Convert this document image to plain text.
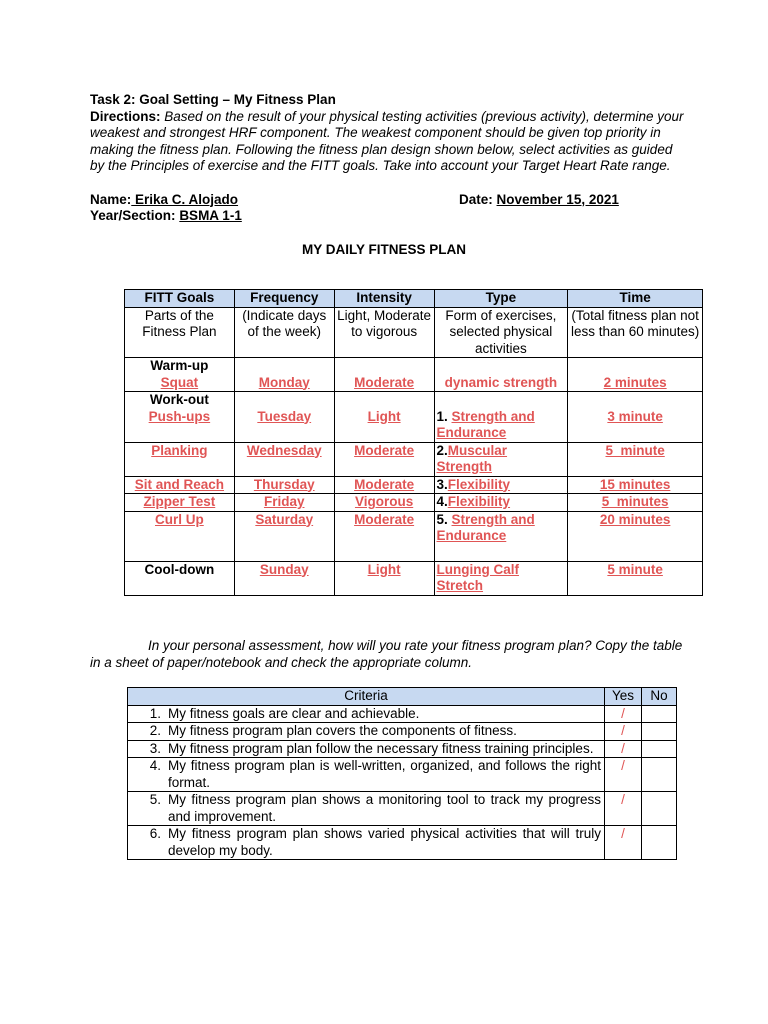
Task 2: Goal Setting – My Fitness Plan
Directions: Based on the result of your physical testing activities (previous activity), determine your weakest and strongest HRF component. The weakest component should be given top priority in making the fitness plan. Following the fitness plan design shown below, select activities as guided by the Principles of exercise and the FITT goals. Take into account your Target Heart Rate range.
Name: Erika C. Alojado	Date: November 15, 2021
Year/Section: BSMA 1-1
MY DAILY FITNESS PLAN
FITT Goals	Frequency	Intensity	Type	Time
Parts of the Fitness Plan	(Indicate days of the week)	Light, Moderate to vigorous	Form of exercises, selected physical activities	(Total fitness plan not less than 60 minutes)

Warm-up
Squat	Monday	Moderate	dynamic strength	2 minutes

Work-out
Push-ups	Tuesday	Light	1. Strength and Endurance	3 minute
Planking	Wednesday	Moderate	2.Muscular Strength	5  minute
Sit and Reach	Thursday	Moderate	3.Flexibility	15 minutes
Zipper Test	Friday	Vigorous	4.Flexibility	5  minutes
Curl Up	Saturday	Moderate	5. Strength and Endurance	20 minutes
Cool-down	Sunday	Light	Lunging Calf Stretch	5 minute
In your personal assessment, how will you rate your fitness program plan? Copy the table in a sheet of paper/notebook and check the appropriate column.
Criteria		Yes	No
1.	My fitness goals are clear and achievable.	/	
2.	My fitness program plan covers the components of fitness.	/	
3.	My fitness program plan follow the necessary fitness training principles.	/	
4.	My fitness program plan is well-written, organized, and follows the right format.	/	
5.	My fitness program plan shows a monitoring tool to track my progress and improvement.	/	
6.	My fitness program plan shows varied physical activities that will truly develop my body.	/	
